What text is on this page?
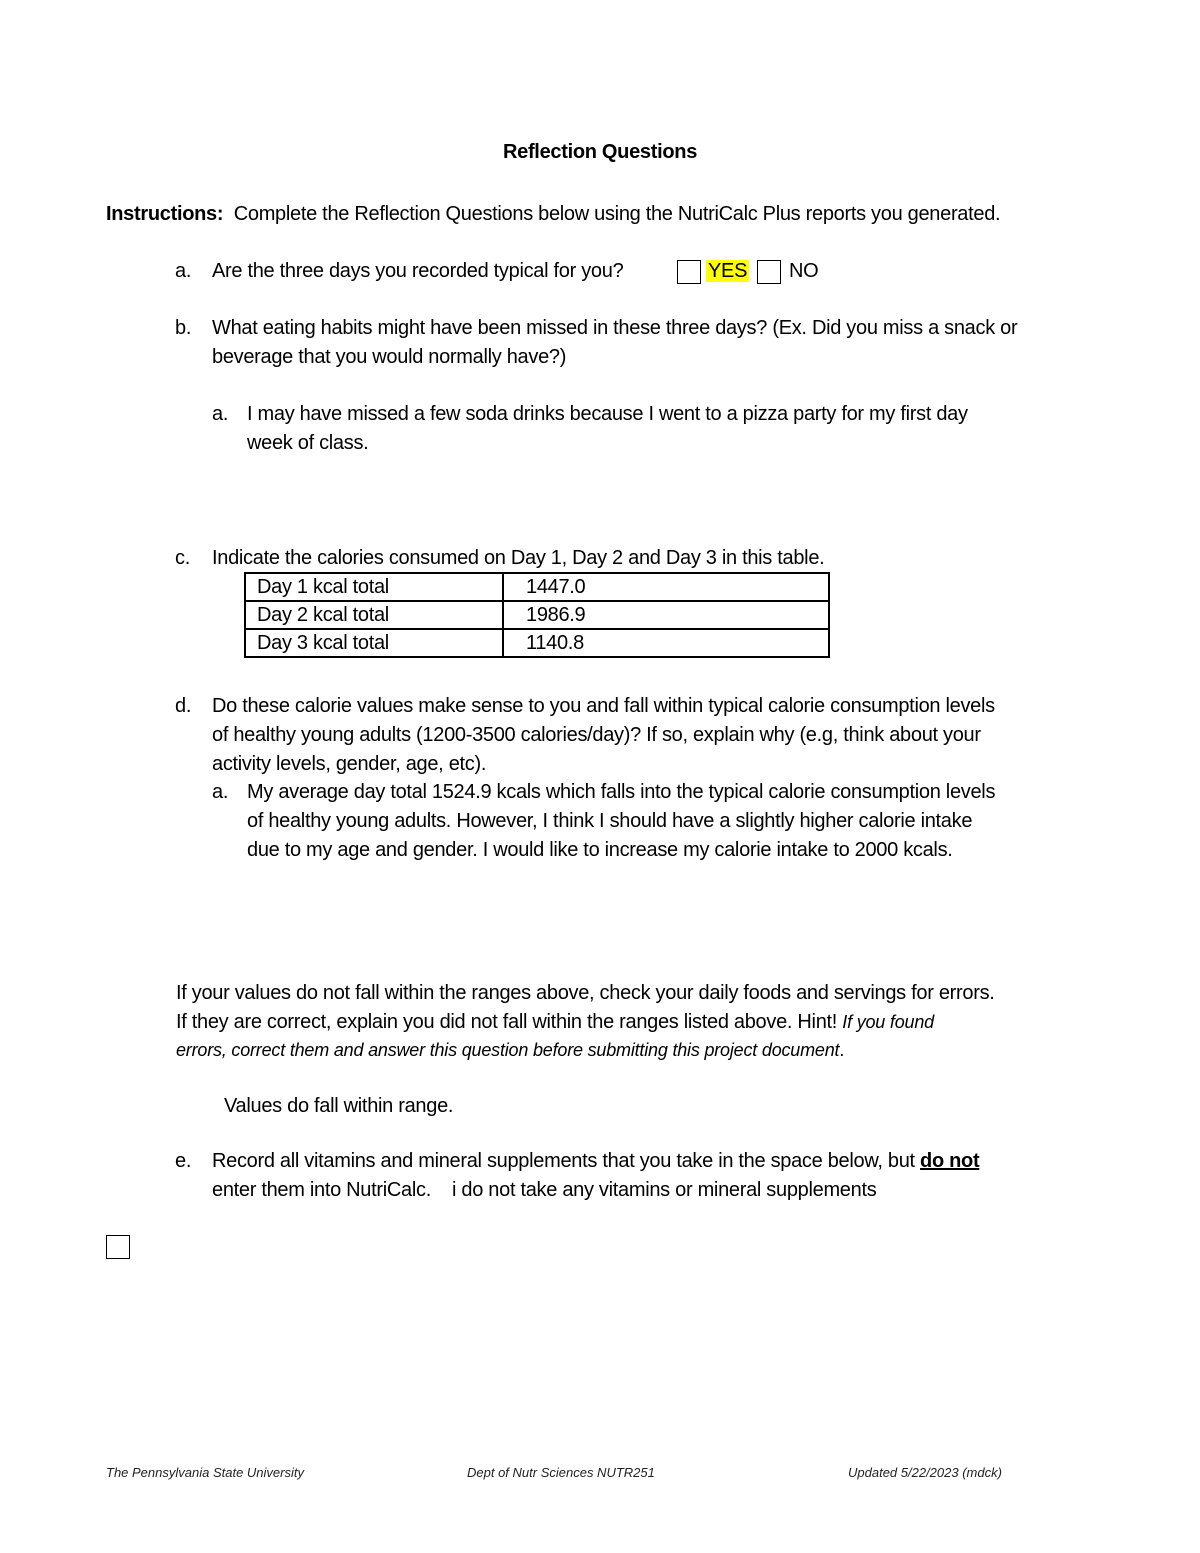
Reflection Questions
Instructions: Complete the Reflection Questions below using the NutriCalc Plus reports you generated.
a. Are the three days you recorded typical for you?	YES NO
b. What eating habits might have been missed in these three days? (Ex. Did you miss a snack or
beverage that you would normally have?)
a. I may have missed a few soda drinks because I went to a pizza party for my first day
week of class.
c. Indicate the calories consumed on Day 1, Day 2 and Day 3 in this table.
Day 1 kcal total	1447.0
Day 2 kcal total	1986.9
Day 3 kcal total	1140.8
d. Do these calorie values make sense to you and fall within typical calorie consumption levels
of healthy young adults (1200-3500 calories/day)? If so, explain why (e.g, think about your
activity levels, gender, age, etc).
a. My average day total 1524.9 kcals which falls into the typical calorie consumption levels
of healthy young adults. However, I think I should have a slightly higher calorie intake
due to my age and gender. I would like to increase my calorie intake to 2000 kcals.
If your values do not fall within the ranges above, check your daily foods and servings for errors.
If they are correct, explain you did not fall within the ranges listed above. Hint! If you found
errors, correct them and answer this question before submitting this project document.
Values do fall within range.
e. Record all vitamins and mineral supplements that you take in the space below, but do not
enter them into NutriCalc. i do not take any vitamins or mineral supplements
The Pennsylvania State University	Dept of Nutr Sciences NUTR251	Updated 5/22/2023 (mdck)
